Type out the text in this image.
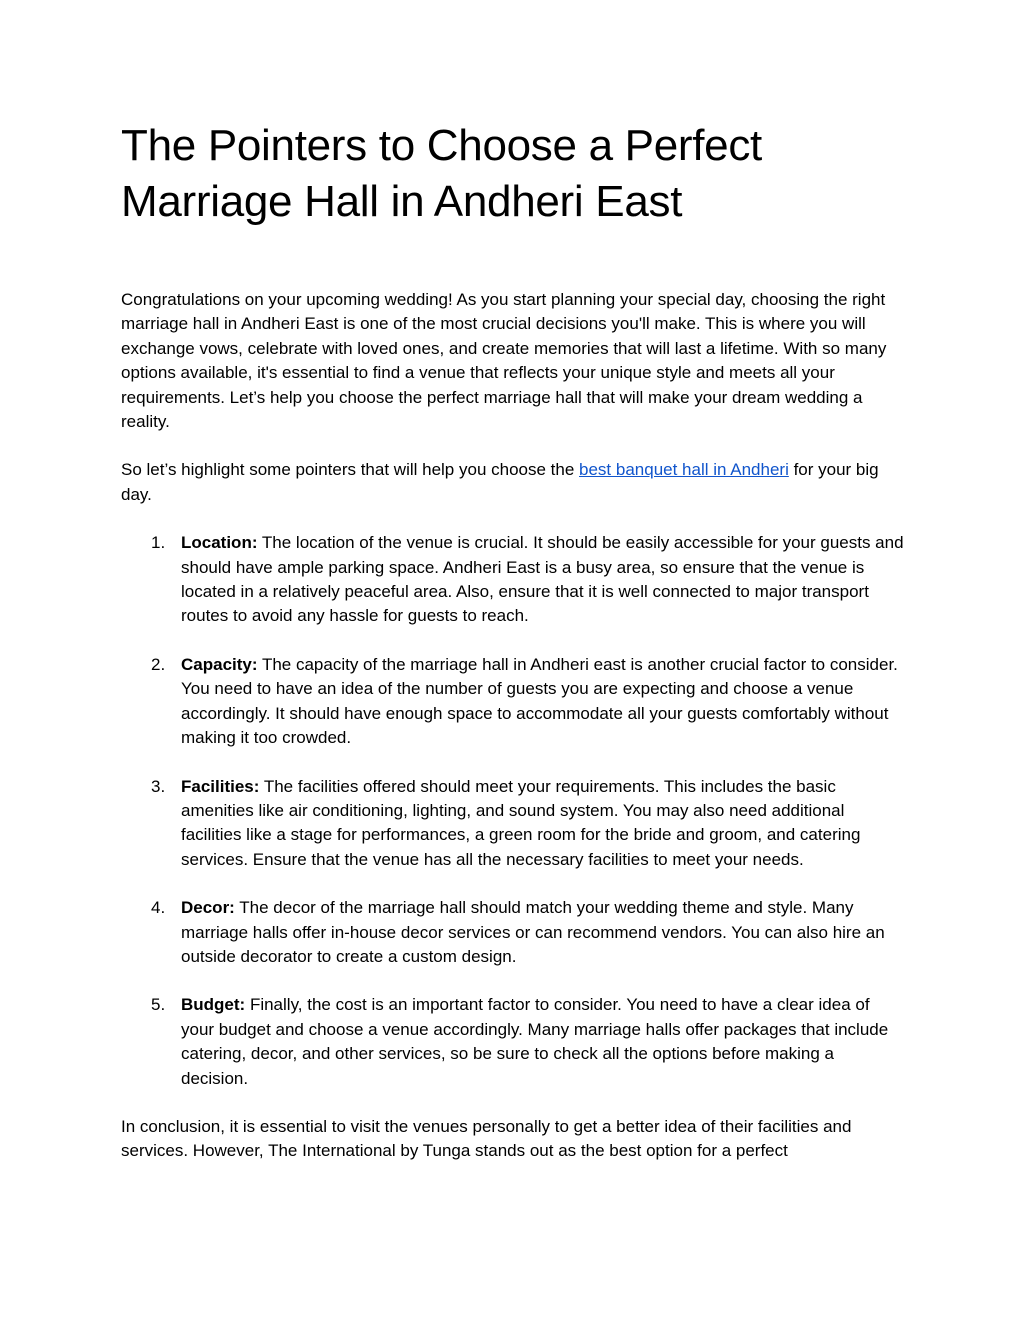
The Pointers to Choose a Perfect Marriage Hall in Andheri East

Congratulations on your upcoming wedding! As you start planning your special day, choosing the right marriage hall in Andheri East is one of the most crucial decisions you'll make. This is where you will exchange vows, celebrate with loved ones, and create memories that will last a lifetime. With so many options available, it's essential to find a venue that reflects your unique style and meets all your requirements. Let’s help you choose the perfect marriage hall that will make your dream wedding a reality.

So let’s highlight some pointers that will help you choose the best banquet hall in Andheri for your big day.

1. Location: The location of the venue is crucial. It should be easily accessible for your guests and should have ample parking space. Andheri East is a busy area, so ensure that the venue is located in a relatively peaceful area. Also, ensure that it is well connected to major transport routes to avoid any hassle for guests to reach.
2. Capacity: The capacity of the marriage hall in Andheri east is another crucial factor to consider. You need to have an idea of the number of guests you are expecting and choose a venue accordingly. It should have enough space to accommodate all your guests comfortably without making it too crowded.
3. Facilities: The facilities offered should meet your requirements. This includes the basic amenities like air conditioning, lighting, and sound system. You may also need additional facilities like a stage for performances, a green room for the bride and groom, and catering services. Ensure that the venue has all the necessary facilities to meet your needs.
4. Decor: The decor of the marriage hall should match your wedding theme and style. Many marriage halls offer in-house decor services or can recommend vendors. You can also hire an outside decorator to create a custom design.
5. Budget: Finally, the cost is an important factor to consider. You need to have a clear idea of your budget and choose a venue accordingly. Many marriage halls offer packages that include catering, decor, and other services, so be sure to check all the options before making a decision.

In conclusion, it is essential to visit the venues personally to get a better idea of their facilities and services. However, The International by Tunga stands out as the best option for a perfect
